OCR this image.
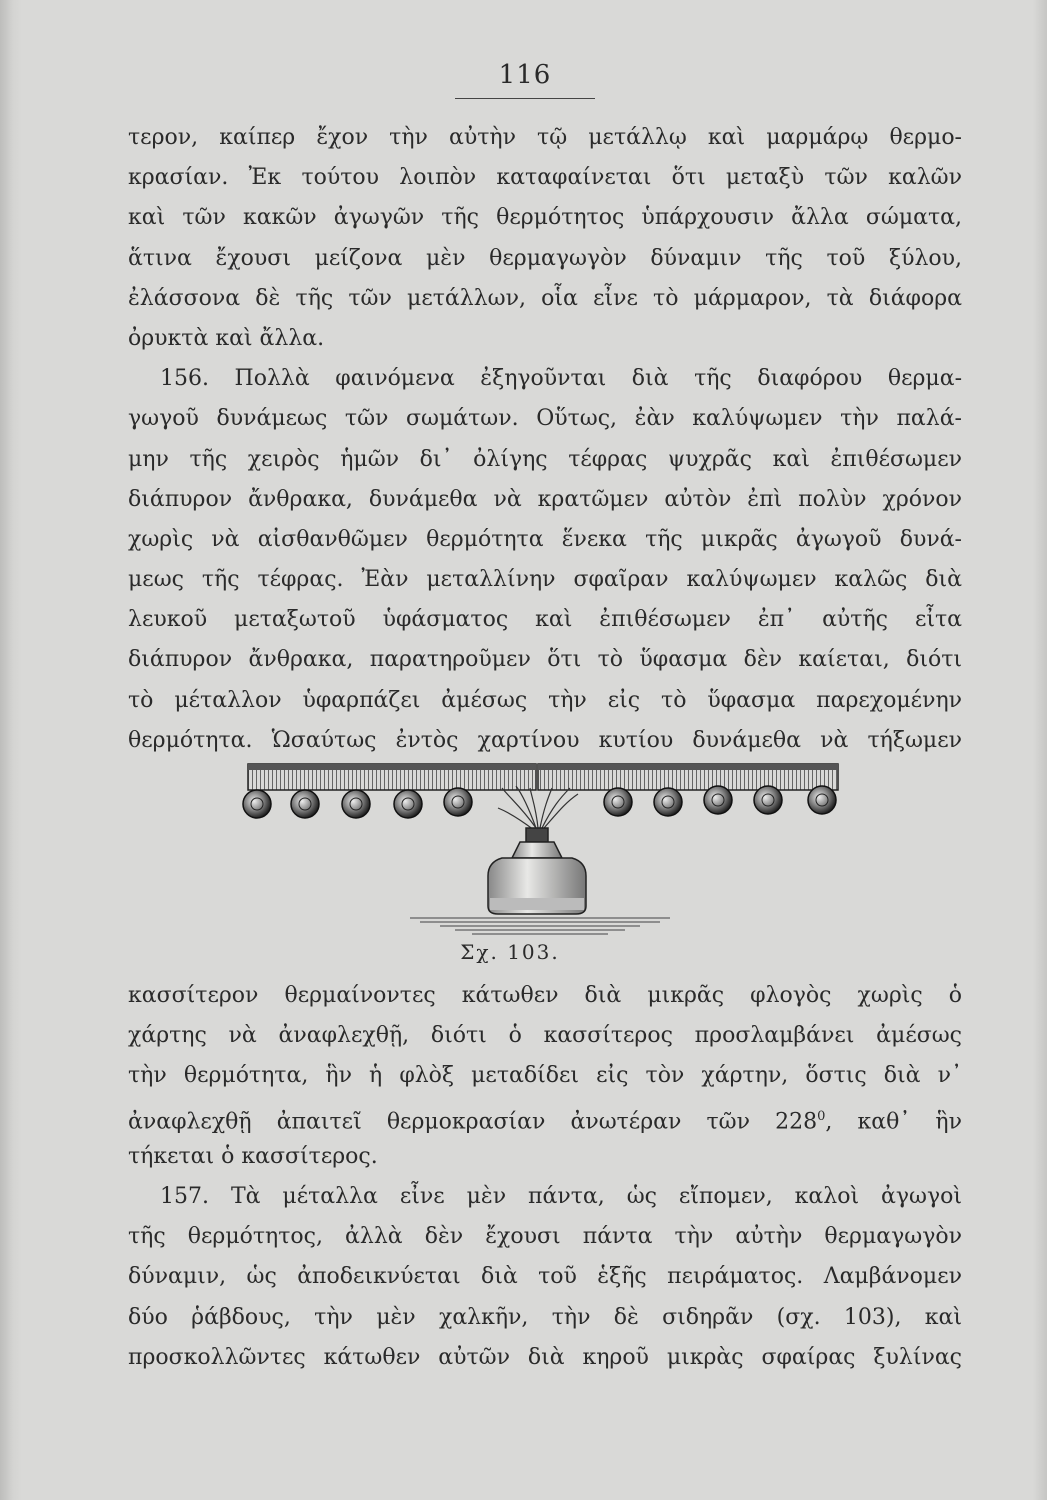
116
τερον, καίπερ ἔχον τὴν αὐτὴν τῷ μετάλλῳ καὶ μαρμάρῳ θερμο-
κρασίαν. Ἐκ τούτου λοιπὸν καταφαίνεται ὅτι μεταξὺ τῶν καλῶν
καὶ τῶν κακῶν ἀγωγῶν τῆς θερμότητος ὑπάρχουσιν ἄλλα σώματα,
ἅτινα ἔχουσι μείζονα μὲν θερμαγωγὸν δύναμιν τῆς τοῦ ξύλου,
ἐλάσσονα δὲ τῆς τῶν μετάλλων, οἷα εἶνε τὸ μάρμαρον, τὰ διάφορα
ὀρυκτὰ καὶ ἄλλα.
156. Πολλὰ φαινόμενα ἐξηγοῦνται διὰ τῆς διαφόρου θερμα-
γωγοῦ δυνάμεως τῶν σωμάτων. Οὕτως, ἐὰν καλύψωμεν τὴν παλά-
μην τῆς χειρὸς ἡμῶν δι᾿ ὀλίγης τέφρας ψυχρᾶς καὶ ἐπιθέσωμεν
διάπυρον ἄνθρακα, δυνάμεθα νὰ κρατῶμεν αὐτὸν ἐπὶ πολὺν χρόνον
χωρὶς νὰ αἰσθανθῶμεν θερμότητα ἕνεκα τῆς μικρᾶς ἀγωγοῦ δυνά-
μεως τῆς τέφρας. Ἐὰν μεταλλίνην σφαῖραν καλύψωμεν καλῶς διὰ
λευκοῦ μεταξωτοῦ ὑφάσματος καὶ ἐπιθέσωμεν ἐπ᾿ αὐτῆς εἶτα
διάπυρον ἄνθρακα, παρατηροῦμεν ὅτι τὸ ὕφασμα δὲν καίεται, διότι
τὸ μέταλλον ὑφαρπάζει ἀμέσως τὴν εἰς τὸ ὕφασμα παρεχομένην
θερμότητα. Ὡσαύτως ἐντὸς χαρτίνου κυτίου δυνάμεθα νὰ τήξωμεν
Σχ. 103.
κασσίτερον θερμαίνοντες κάτωθεν διὰ μικρᾶς φλογὸς χωρὶς ὁ
χάρτης νὰ ἀναφλεχθῇ, διότι ὁ κασσίτερος προσλαμβάνει ἀμέσως
τὴν θερμότητα, ἣν ἡ φλὸξ μεταδίδει εἰς τὸν χάρτην, ὅστις διὰ ν᾿
ἀναφλεχθῇ ἀπαιτεῖ θερμοκρασίαν ἀνωτέραν τῶν $228^0$, καθ᾿ ἣν
τήκεται ὁ κασσίτερος.
157. Τὰ μέταλλα εἶνε μὲν πάντα, ὡς εἴπομεν, καλοὶ ἀγωγοὶ
τῆς θερμότητος, ἀλλὰ δὲν ἔχουσι πάντα τὴν αὐτὴν θερμαγωγὸν
δύναμιν, ὡς ἀποδεικνύεται διὰ τοῦ ἑξῆς πειράματος. Λαμβάνομεν
δύο ῥάβδους, τὴν μὲν χαλκῆν, τὴν δὲ σιδηρᾶν (σχ. 103), καὶ
προσκολλῶντες κάτωθεν αὐτῶν διὰ κηροῦ μικρὰς σφαίρας ξυλίνας
